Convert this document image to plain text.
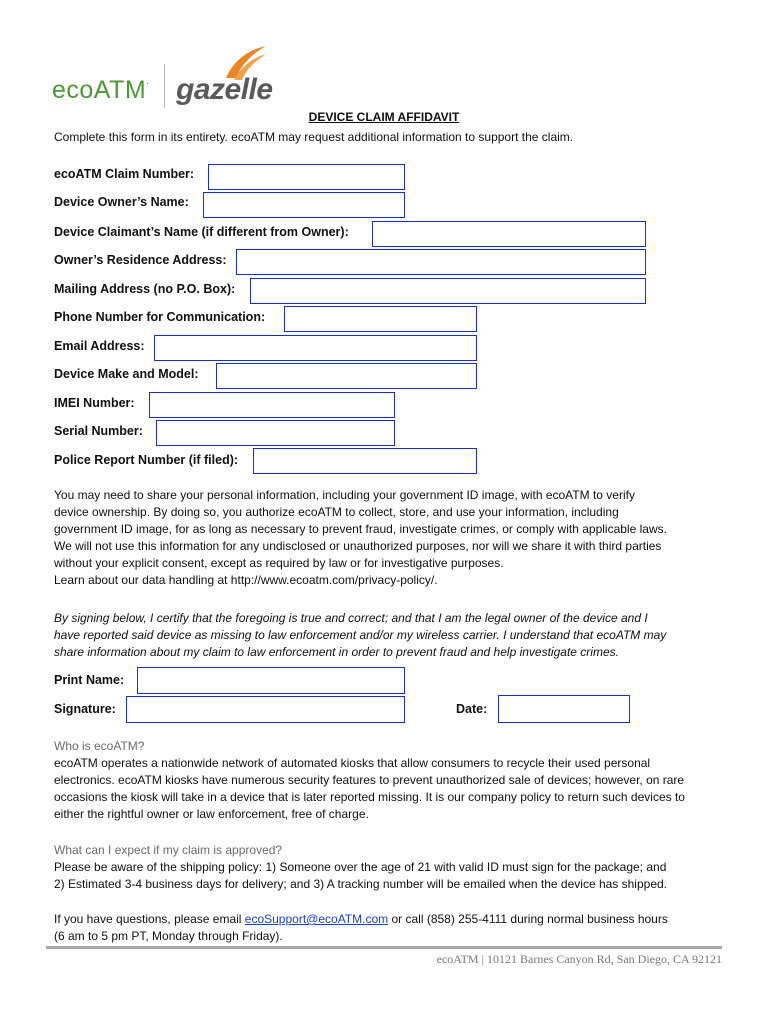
ecoATM. gazelle
DEVICE CLAIM AFFIDAVIT
Complete this form in its entirety. ecoATM may request additional information to support the claim.
ecoATM Claim Number:
Device Owner’s Name:
Device Claimant’s Name (if different from Owner):
Owner’s Residence Address:
Mailing Address (no P.O. Box):
Phone Number for Communication:
Email Address:
Device Make and Model:
IMEI Number:
Serial Number:
Police Report Number (if filed):
You may need to share your personal information, including your government ID image, with ecoATM to verify
device ownership. By doing so, you authorize ecoATM to collect, store, and use your information, including
government ID image, for as long as necessary to prevent fraud, investigate crimes, or comply with applicable laws.
We will not use this information for any undisclosed or unauthorized purposes, nor will we share it with third parties
without your explicit consent, except as required by law or for investigative purposes.
Learn about our data handling at http://www.ecoatm.com/privacy-policy/.
By signing below, I certify that the foregoing is true and correct; and that I am the legal owner of the device and I
have reported said device as missing to law enforcement and/or my wireless carrier. I understand that ecoATM may
share information about my claim to law enforcement in order to prevent fraud and help investigate crimes.
Print Name:
Signature:	Date:
Who is ecoATM?
ecoATM operates a nationwide network of automated kiosks that allow consumers to recycle their used personal
electronics. ecoATM kiosks have numerous security features to prevent unauthorized sale of devices; however, on rare
occasions the kiosk will take in a device that is later reported missing. It is our company policy to return such devices to
either the rightful owner or law enforcement, free of charge.
What can I expect if my claim is approved?
Please be aware of the shipping policy: 1) Someone over the age of 21 with valid ID must sign for the package; and
2) Estimated 3-4 business days for delivery; and 3) A tracking number will be emailed when the device has shipped.
If you have questions, please email ecoSupport@ecoATM.com or call (858) 255-4111 during normal business hours
(6 am to 5 pm PT, Monday through Friday).
ecoATM | 10121 Barnes Canyon Rd, San Diego, CA 92121
